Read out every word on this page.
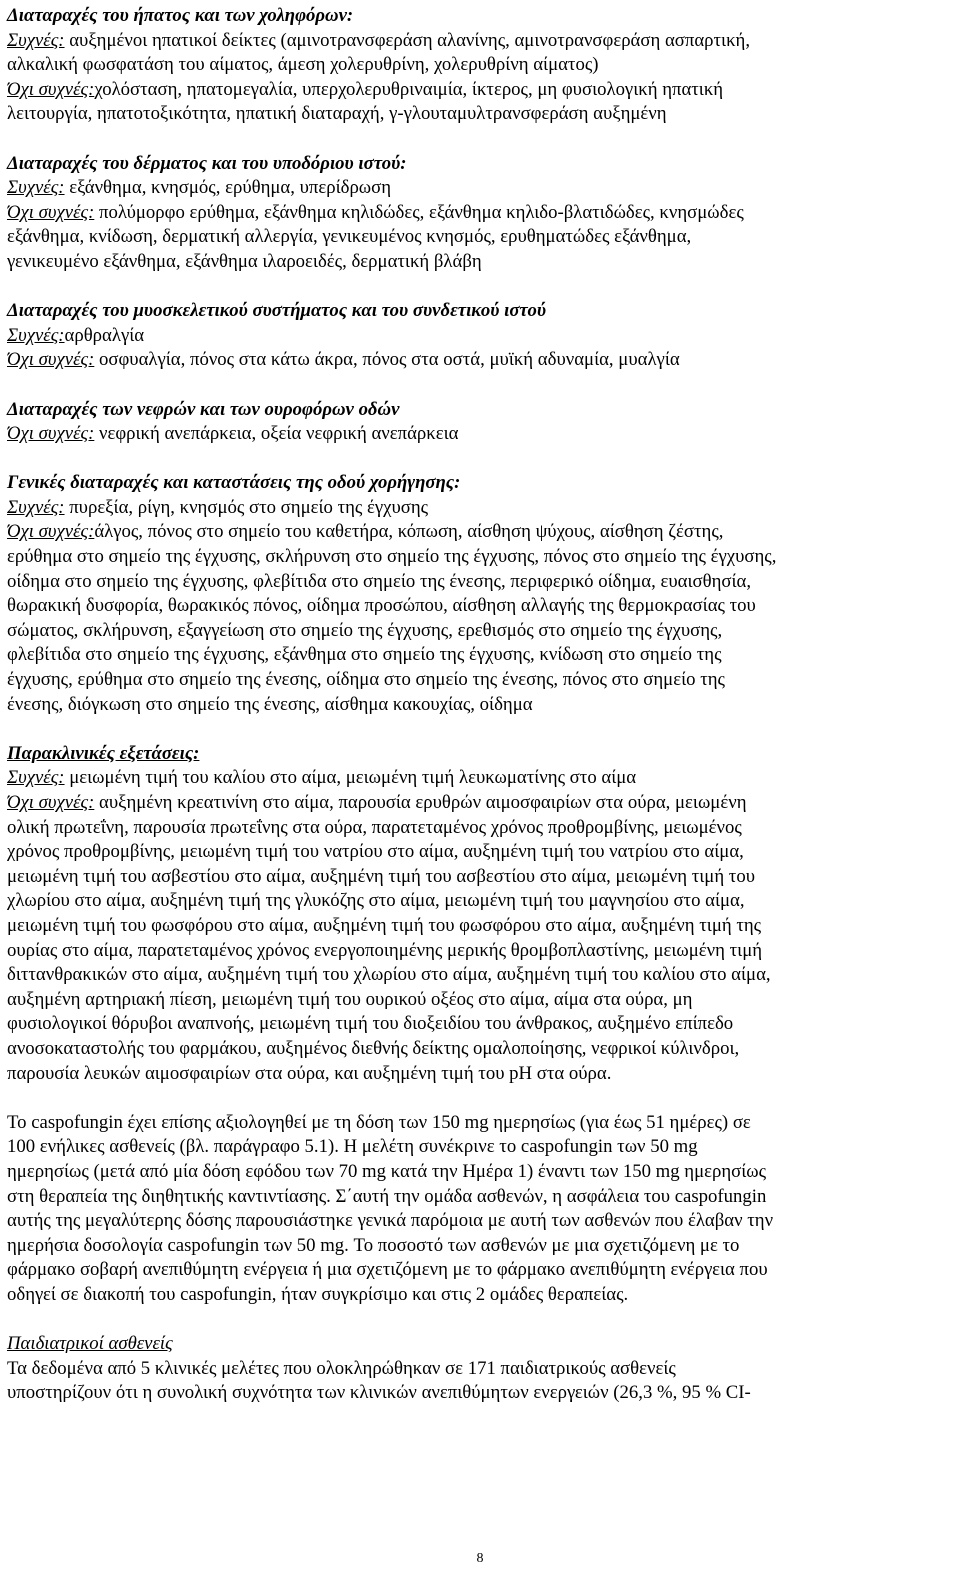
Διαταραχές του ήπατος και των χοληφόρων:
Συχνές: αυξημένοι ηπατικοί δείκτες (αμινοτρανσφεράση αλανίνης, αμινοτρανσφεράση ασπαρτική,
αλκαλική φωσφατάση του αίματος, άμεση χολερυθρίνη, χολερυθρίνη αίματος)
Όχι συχνές:χολόσταση, ηπατομεγαλία, υπερχολερυθριναιμία, ίκτερος, μη φυσιολογική ηπατική
λειτουργία, ηπατοτοξικότητα, ηπατική διαταραχή, γ-γλουταμυλτρανσφεράση αυξημένη
Διαταραχές του δέρματος και του υποδόριου ιστού:
Συχνές: εξάνθημα, κνησμός, ερύθημα, υπερίδρωση
Όχι συχνές: πολύμορφο ερύθημα, εξάνθημα κηλιδώδες, εξάνθημα κηλιδο-βλατιδώδες, κνησμώδες
εξάνθημα, κνίδωση, δερματική αλλεργία, γενικευμένος κνησμός, ερυθηματώδες εξάνθημα,
γενικευμένο εξάνθημα, εξάνθημα ιλαροειδές, δερματική βλάβη
Διαταραχές του μυοσκελετικού συστήματος και του συνδετικού ιστού
Συχνές:αρθραλγία
Όχι συχνές: οσφυαλγία, πόνος στα κάτω άκρα, πόνος στα οστά, μυϊκή αδυναμία, μυαλγία
Διαταραχές των νεφρών και των ουροφόρων οδών
Όχι συχνές: νεφρική ανεπάρκεια, οξεία νεφρική ανεπάρκεια
Γενικές διαταραχές και καταστάσεις της οδού χορήγησης:
Συχνές: πυρεξία, ρίγη, κνησμός στο σημείο της έγχυσης
Όχι συχνές:άλγος, πόνος στο σημείο του καθετήρα, κόπωση, αίσθηση ψύχους, αίσθηση ζέστης,
ερύθημα στο σημείο της έγχυσης, σκλήρυνση στο σημείο της έγχυσης, πόνος στο σημείο της έγχυσης,
οίδημα στο σημείο της έγχυσης, φλεβίτιδα στο σημείο της ένεσης, περιφερικό οίδημα, ευαισθησία,
θωρακική δυσφορία, θωρακικός πόνος, οίδημα προσώπου, αίσθηση αλλαγής της θερμοκρασίας του
σώματος, σκλήρυνση, εξαγγείωση στο σημείο της έγχυσης, ερεθισμός στο σημείο της έγχυσης,
φλεβίτιδα στο σημείο της έγχυσης, εξάνθημα στο σημείο της έγχυσης, κνίδωση στο σημείο της
έγχυσης, ερύθημα στο σημείο της ένεσης, οίδημα στο σημείο της ένεσης, πόνος στο σημείο της
ένεσης, διόγκωση στο σημείο της ένεσης, αίσθημα κακουχίας, οίδημα
Παρακλινικές εξετάσεις:
Συχνές: μειωμένη τιμή του καλίου στο αίμα, μειωμένη τιμή λευκωματίνης στο αίμα
Όχι συχνές: αυξημένη κρεατινίνη στο αίμα, παρουσία ερυθρών αιμοσφαιρίων στα ούρα, μειωμένη
ολική πρωτεΐνη, παρουσία πρωτεΐνης στα ούρα, παρατεταμένος χρόνος προθρομβίνης, μειωμένος
χρόνος προθρομβίνης, μειωμένη τιμή του νατρίου στο αίμα, αυξημένη τιμή του νατρίου στο αίμα,
μειωμένη τιμή του ασβεστίου στο αίμα, αυξημένη τιμή του ασβεστίου στο αίμα, μειωμένη τιμή του
χλωρίου στο αίμα, αυξημένη τιμή της γλυκόζης στο αίμα, μειωμένη τιμή του μαγνησίου στο αίμα,
μειωμένη τιμή του φωσφόρου στο αίμα, αυξημένη τιμή του φωσφόρου στο αίμα, αυξημένη τιμή της
ουρίας στο αίμα, παρατεταμένος χρόνος ενεργοποιημένης μερικής θρομβοπλαστίνης, μειωμένη τιμή
διττανθρακικών στο αίμα, αυξημένη τιμή του χλωρίου στο αίμα, αυξημένη τιμή του καλίου στο αίμα,
αυξημένη αρτηριακή πίεση, μειωμένη τιμή του ουρικού οξέος στο αίμα, αίμα στα ούρα, μη
φυσιολογικοί θόρυβοι αναπνοής, μειωμένη τιμή του διοξειδίου του άνθρακος, αυξημένο επίπεδο
ανοσοκαταστολής του φαρμάκου, αυξημένος διεθνής δείκτης ομαλοποίησης, νεφρικοί κύλινδροι,
παρουσία λευκών αιμοσφαιρίων στα ούρα, και αυξημένη τιμή του pH στα ούρα.
Το caspofungin έχει επίσης αξιολογηθεί με τη δόση των 150 mg ημερησίως (για έως 51 ημέρες) σε
100 ενήλικες ασθενείς (βλ. παράγραφο 5.1). Η μελέτη συνέκρινε το caspofungin των 50 mg
ημερησίως (μετά από μία δόση εφόδου των 70 mg κατά την Ημέρα 1) έναντι των 150 mg ημερησίως
στη θεραπεία της διηθητικής καντιντίασης. Σ΄αυτή την ομάδα ασθενών, η ασφάλεια του caspofungin
αυτής της μεγαλύτερης δόσης παρουσιάστηκε γενικά παρόμοια με αυτή των ασθενών που έλαβαν την
ημερήσια δοσολογία caspofungin των 50 mg. Το ποσοστό των ασθενών με μια σχετιζόμενη με το
φάρμακο σοβαρή ανεπιθύμητη ενέργεια ή μια σχετιζόμενη με το φάρμακο ανεπιθύμητη ενέργεια που
οδηγεί σε διακοπή του caspofungin, ήταν συγκρίσιμο και στις 2 ομάδες θεραπείας.
Παιδιατρικοί ασθενείς
Τα δεδομένα από 5 κλινικές μελέτες που ολοκληρώθηκαν σε 171 παιδιατρικούς ασθενείς
υποστηρίζουν ότι η συνολική συχνότητα των κλινικών ανεπιθύμητων ενεργειών (26,3 %, 95 % CI-
8
